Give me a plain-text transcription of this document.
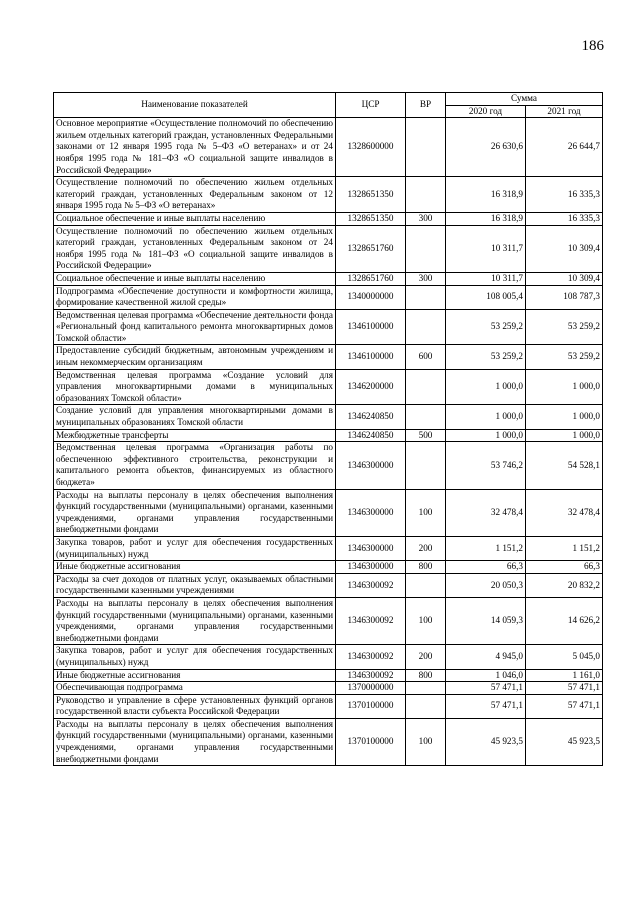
186
Наименование показателей	ЦСР	ВР	Сумма	
			2020 год	2021 год
Основное мероприятие «Осуществление полномочий по обеспечению жильем отдельных категорий граждан, установленных Федеральными законами от 12 января 1995 года № 5–ФЗ «О ветеранах» и от 24 ноября 1995 года № 181–ФЗ «О социальной защите инвалидов в Российской Федерации»	1328600000		26 630,6	26 644,7
Осуществление полномочий по обеспечению жильем отдельных категорий граждан, установленных Федеральным законом от 12 января 1995 года № 5–ФЗ «О ветеранах»	1328651350		16 318,9	16 335,3
Социальное обеспечение и иные выплаты населению	1328651350	300	16 318,9	16 335,3
Осуществление полномочий по обеспечению жильем отдельных категорий граждан, установленных Федеральным законом от 24 ноября 1995 года № 181–ФЗ «О социальной защите инвалидов в Российской Федерации»	1328651760		10 311,7	10 309,4
Социальное обеспечение и иные выплаты населению	1328651760	300	10 311,7	10 309,4
Подпрограмма «Обеспечение доступности и комфортности жилища, формирование качественной жилой среды»	1340000000		108 005,4	108 787,3
Ведомственная целевая программа «Обеспечение деятельности фонда «Региональный фонд капитального ремонта многоквартирных домов Томской области»	1346100000		53 259,2	53 259,2
Предоставление субсидий бюджетным, автономным учреждениям и иным некоммерческим организациям	1346100000	600	53 259,2	53 259,2
Ведомственная целевая программа «Создание условий для управления многоквартирными домами в муниципальных образованиях Томской области»	1346200000		1 000,0	1 000,0
Создание условий для управления многоквартирными домами в муниципальных образованиях Томской области	1346240850		1 000,0	1 000,0
Межбюджетные трансферты	1346240850	500	1 000,0	1 000,0
Ведомственная целевая программа «Организация работы по обеспеченною эффективного строительства, реконструкции и капитального ремонта объектов, финансируемых из областного бюджета»	1346300000		53 746,2	54 528,1
Расходы на выплаты персоналу в целях обеспечения выполнения функций государственными (муниципальными) органами, казенными учреждениями, органами управления государственными внебюджетными фондами	1346300000	100	32 478,4	32 478,4
Закупка товаров, работ и услуг для обеспечения государственных (муниципальных) нужд	1346300000	200	1 151,2	1 151,2
Иные бюджетные ассигнования	1346300000	800	66,3	66,3
Расходы за счет доходов от платных услуг, оказываемых областными государственными казенными учреждениями	1346300092		20 050,3	20 832,2
Расходы на выплаты персоналу в целях обеспечения выполнения функций государственными (муниципальными) органами, казенными учреждениями, органами управления государственными внебюджетными фондами	1346300092	100	14 059,3	14 626,2
Закупка товаров, работ и услуг для обеспечения государственных (муниципальных) нужд	1346300092	200	4 945,0	5 045,0
Иные бюджетные ассигнования	1346300092	800	1 046,0	1 161,0
Обеспечивающая подпрограмма	1370000000		57 471,1	57 471,1
Руководство и управление в сфере установленных функций органов государственной власти субъекта Российской Федерации	1370100000		57 471,1	57 471,1
Расходы на выплаты персоналу в целях обеспечения выполнения функций государственными (муниципальными) органами, казенными учреждениями, органами управления государственными внебюджетными фондами	1370100000	100	45 923,5	45 923,5
